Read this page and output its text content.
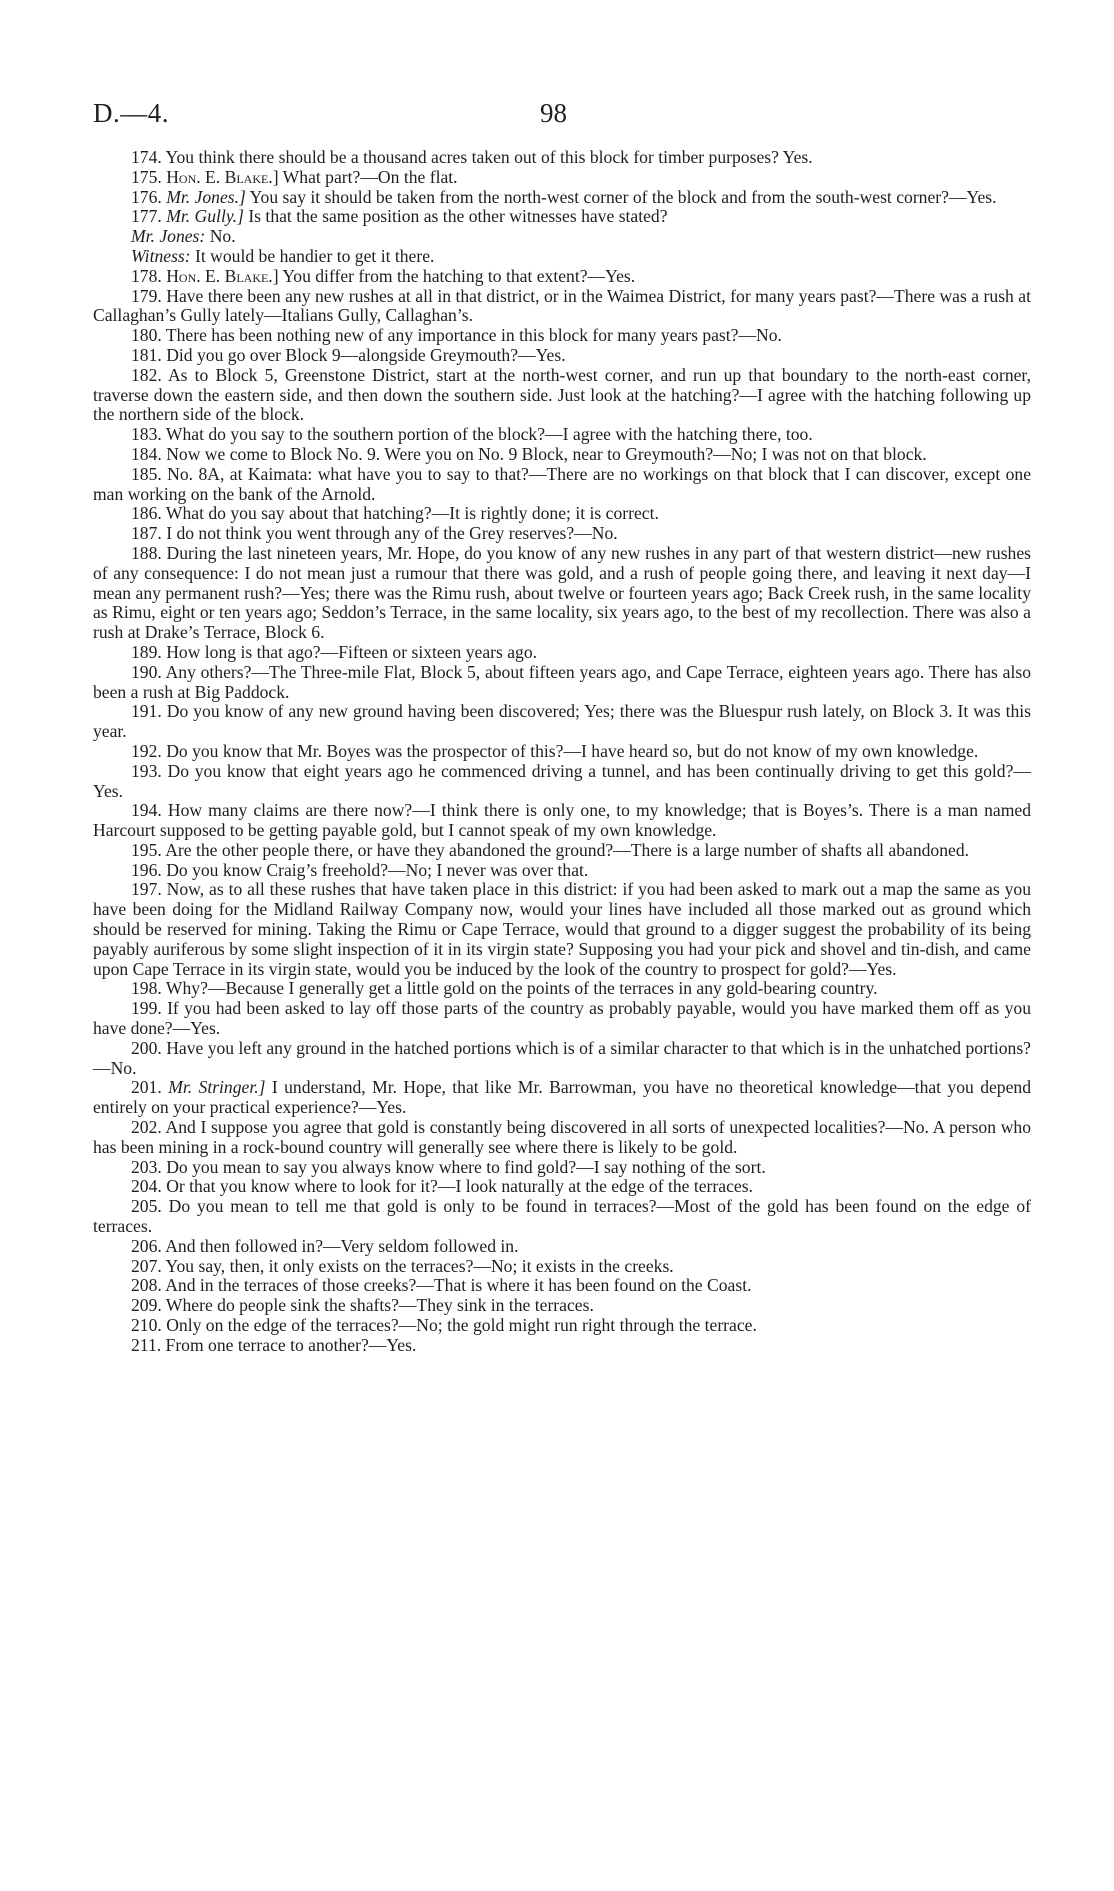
D.—4.	98

174. You think there should be a thousand acres taken out of this block for timber purposes? Yes.

175. Hon. E. Blake.] What part?—On the flat.

176. Mr. Jones.] You say it should be taken from the north-west corner of the block and from the south-west corner?—Yes.

177. Mr. Gully.] Is that the same position as the other witnesses have stated?

Mr. Jones: No.

Witness: It would be handier to get it there.

178. Hon. E. Blake.] You differ from the hatching to that extent?—Yes.

179. Have there been any new rushes at all in that district, or in the Waimea District, for many years past?—There was a rush at Callaghan’s Gully lately—Italians Gully, Callaghan’s.

180. There has been nothing new of any importance in this block for many years past?—No.

181. Did you go over Block 9—alongside Greymouth?—Yes.

182. As to Block 5, Greenstone District, start at the north-west corner, and run up that boundary to the north-east corner, traverse down the eastern side, and then down the southern side. Just look at the hatching?—I agree with the hatching following up the northern side of the block.

183. What do you say to the southern portion of the block?—I agree with the hatching there, too.

184. Now we come to Block No. 9. Were you on No. 9 Block, near to Greymouth?—No; I was not on that block.

185. No. 8A, at Kaimata: what have you to say to that?—There are no workings on that block that I can discover, except one man working on the bank of the Arnold.

186. What do you say about that hatching?—It is rightly done; it is correct.

187. I do not think you went through any of the Grey reserves?—No.

188. During the last nineteen years, Mr. Hope, do you know of any new rushes in any part of that western district—new rushes of any consequence: I do not mean just a rumour that there was gold, and a rush of people going there, and leaving it next day—I mean any permanent rush?—Yes; there was the Rimu rush, about twelve or fourteen years ago; Back Creek rush, in the same locality as Rimu, eight or ten years ago; Seddon’s Terrace, in the same locality, six years ago, to the best of my recollection. There was also a rush at Drake’s Terrace, Block 6.

189. How long is that ago?—Fifteen or sixteen years ago.

190. Any others?—The Three-mile Flat, Block 5, about fifteen years ago, and Cape Terrace, eighteen years ago. There has also been a rush at Big Paddock.

191. Do you know of any new ground having been discovered; Yes; there was the Bluespur rush lately, on Block 3. It was this year.

192. Do you know that Mr. Boyes was the prospector of this?—I have heard so, but do not know of my own knowledge.

193. Do you know that eight years ago he commenced driving a tunnel, and has been continually driving to get this gold?—Yes.

194. How many claims are there now?—I think there is only one, to my knowledge; that is Boyes’s. There is a man named Harcourt supposed to be getting payable gold, but I cannot speak of my own knowledge.

195. Are the other people there, or have they abandoned the ground?—There is a large number of shafts all abandoned.

196. Do you know Craig’s freehold?—No; I never was over that.

197. Now, as to all these rushes that have taken place in this district: if you had been asked to mark out a map the same as you have been doing for the Midland Railway Company now, would your lines have included all those marked out as ground which should be reserved for mining. Taking the Rimu or Cape Terrace, would that ground to a digger suggest the probability of its being payably auriferous by some slight inspection of it in its virgin state? Supposing you had your pick and shovel and tin-dish, and came upon Cape Terrace in its virgin state, would you be induced by the look of the country to prospect for gold?—Yes.

198. Why?—Because I generally get a little gold on the points of the terraces in any gold-bearing country.

199. If you had been asked to lay off those parts of the country as probably payable, would you have marked them off as you have done?—Yes.

200. Have you left any ground in the hatched portions which is of a similar character to that which is in the unhatched portions?—No.

201. Mr. Stringer.] I understand, Mr. Hope, that like Mr. Barrowman, you have no theoretical knowledge—that you depend entirely on your practical experience?—Yes.

202. And I suppose you agree that gold is constantly being discovered in all sorts of unexpected localities?—No. A person who has been mining in a rock-bound country will generally see where there is likely to be gold.

203. Do you mean to say you always know where to find gold?—I say nothing of the sort.

204. Or that you know where to look for it?—I look naturally at the edge of the terraces.

205. Do you mean to tell me that gold is only to be found in terraces?—Most of the gold has been found on the edge of terraces.

206. And then followed in?—Very seldom followed in.

207. You say, then, it only exists on the terraces?—No; it exists in the creeks.

208. And in the terraces of those creeks?—That is where it has been found on the Coast.

209. Where do people sink the shafts?—They sink in the terraces.

210. Only on the edge of the terraces?—No; the gold might run right through the terrace.

211. From one terrace to another?—Yes.
